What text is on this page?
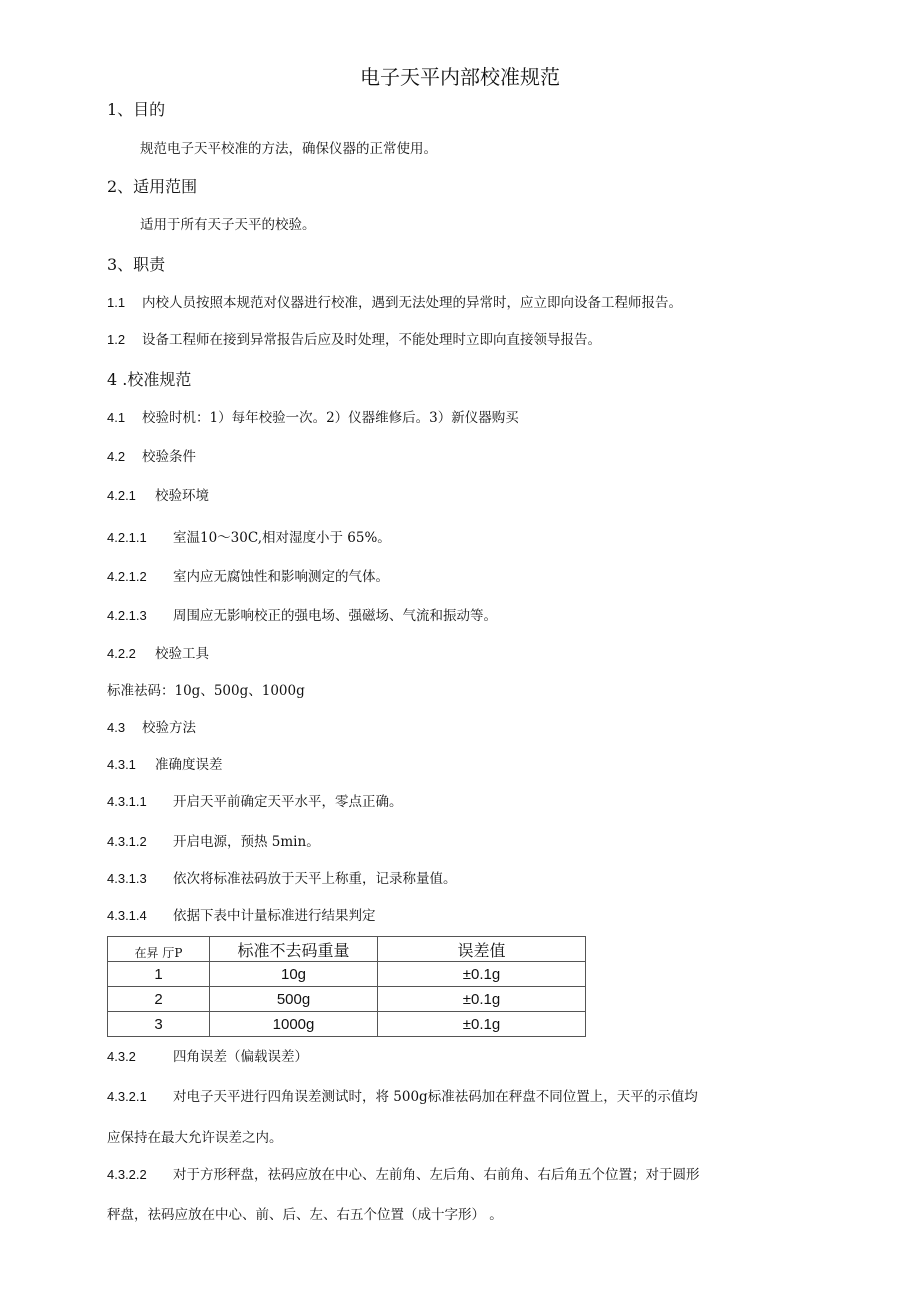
电子天平内部校准规范
1、目的
规范电子天平校准的方法，确保仪器的正常使用。
2、适用范围
适用于所有天子天平的校验。
3、职责
1.1 内校人员按照本规范对仪器进行校准，遇到无法处理的异常时，应立即向设备工程师报告。
1.2 设备工程师在接到异常报告后应及时处理，不能处理时立即向直接领导报告。
4 .校准规范
4.1 校验时机：1）每年校验一次。2）仪器维修后。3）新仪器购买
4.2 校验条件
4.2.1 校验环境
4.2.1.1 室温10〜30C,相对湿度小于 65%。
4.2.1.2 室内应无腐蚀性和影响测定的气体。
4.2.1.3 周围应无影响校正的强电场、强磁场、气流和振动等。
4.2.2 校验工具
标准祛码：10g、500g、1000g
4.3 校验方法
4.3.1 准确度误差
4.3.1.1 开启天平前确定天平水平，零点正确。
4.3.1.2 开启电源，预热 5min。
4.3.1.3 依次将标准祛码放于天平上称重，记录称量值。
4.3.1.4 依据下表中计量标准进行结果判定
在昇 厅P	标准不去码重量	误差值
1	10g	±0.1g
2	500g	±0.1g
3	1000g	±0.1g
4.3.2	四角误差（偏载误差）
4.3.2.1 对电子天平进行四角误差测试时，将 500g标准祛码加在秤盘不同位置上，天平的示值均
应保持在最大允许误差之内。
4.3.2.2 对于方形秤盘，祛码应放在中心、左前角、左后角、右前角、右后角五个位置；对于圆形
秤盘，祛码应放在中心、前、后、左、右五个位置（成十字形） 。
